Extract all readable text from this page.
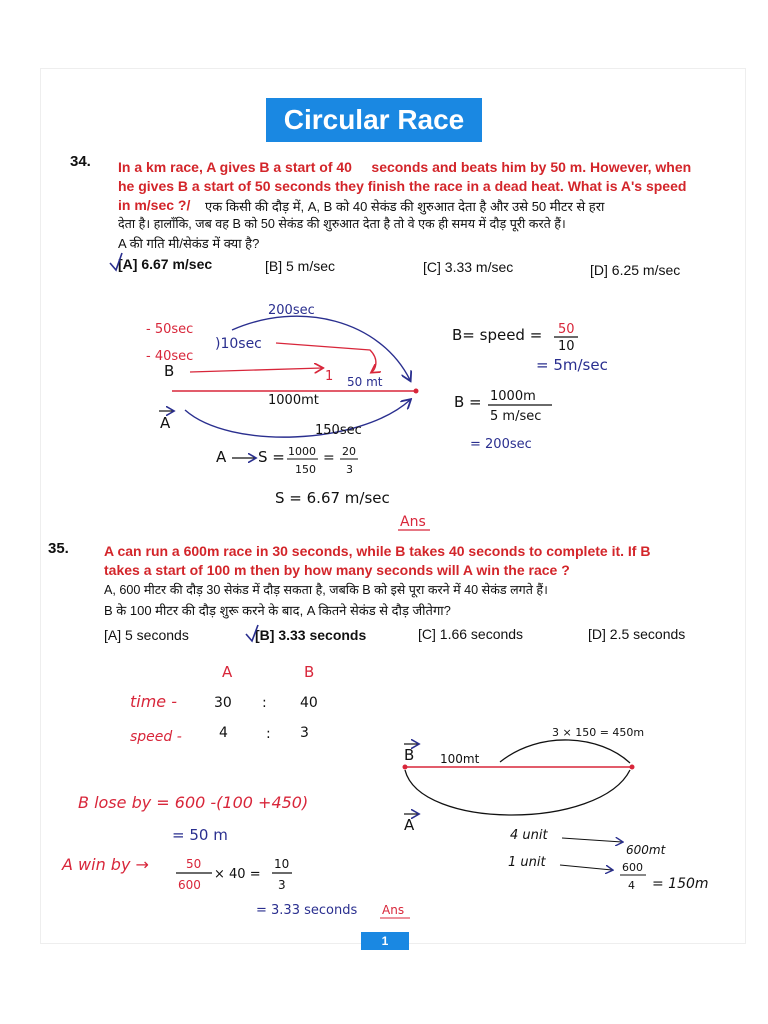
Circular Race
34. In a km race, A gives B a start of 40     seconds and beats him by 50 m. However, when
he gives B a start of 50 seconds they finish the race in a dead heat. What is A's speed
in m/sec ?/ एक किसी की दौड़ में, A, B को 40 सेकंड की शुरुआत देता है और उसे 50 मीटर से हरा
देता है। हालाँकि, जब वह B को 50 सेकंड की शुरुआत देता है तो वे एक ही समय में दौड़ पूरी करते हैं।
A की गति मी/सेकंड में क्या है?
[A] 6.67 m/sec	[B] 5 m/sec	[C] 3.33 m/sec	[D] 6.25 m/sec
200sec
- 50sec
)10sec
- 40sec
B	1 50 mt
1000mt
A	150sec
A S = 1000
150
= 20
3
S = 6.67 m/sec
Ans
B= speed = 50
10
= 5m/sec
B = 1000m
5 m/sec
= 200sec
35.	A can run a 600m race in 30 seconds, while B takes 40 seconds to complete it. If B
takes a start of 100 m then by how many seconds will A win the race ?
A, 600 मीटर की दौड़ 30 सेकंड में दौड़ सकता है, जबकि B को इसे पूरा करने में 40 सेकंड लगते हैं।
B के 100 मीटर की दौड़ शुरू करने के बाद, A कितने सेकंड से दौड़ जीतेगा?
[A] 5 seconds	[B] 3.33 seconds	[C] 1.66 seconds	[D] 2.5 seconds
A	B
time -	30 : 40
speed -	4	: 3
B lose by = 600 -(100 +450)
= 50 m
A win by →	50
600
× 40 =
10
3
= 3.33 seconds Ans
B 100mt
3 × 150 = 450m
A
4 unit
600mt
1 unit	600
4 = 150m
1
